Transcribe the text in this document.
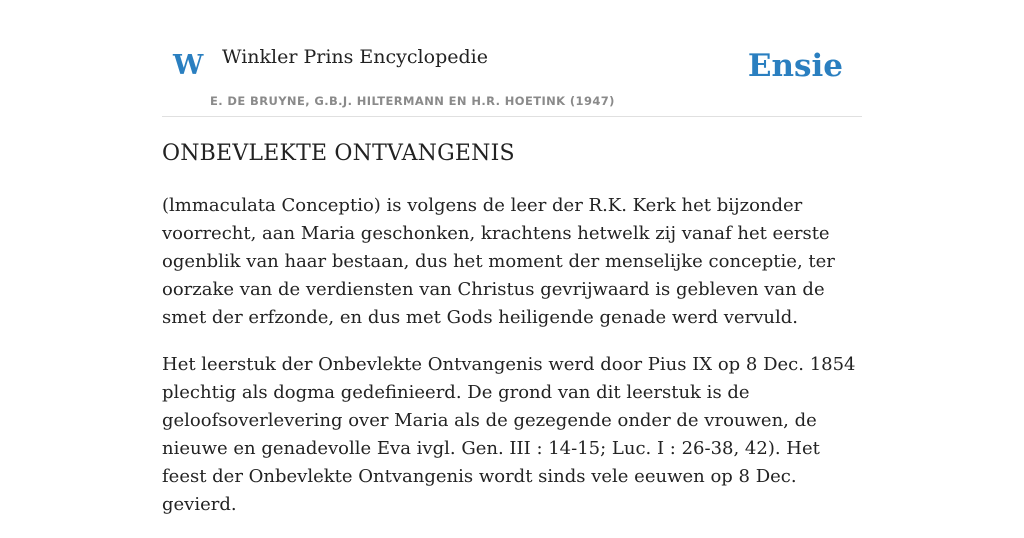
W Winkler Prins Encyclopedie
E. DE BRUYNE, G.B.J. HILTERMANN EN H.R. HOETINK (1947)
Ensie
ONBEVLEKTE ONTVANGENIS

(lmmaculata Conceptio) is volgens de leer der R.K. Kerk het bijzonder voorrecht, aan Maria geschonken, krachtens hetwelk zij vanaf het eerste ogenblik van haar bestaan, dus het moment der menselijke conceptie, ter oorzake van de verdiensten van Christus gevrijwaard is gebleven van de smet der erfzonde, en dus met Gods heiligende genade werd vervuld.

Het leerstuk der Onbevlekte Ontvangenis werd door Pius IX op 8 Dec. 1854 plechtig als dogma gedefinieerd. De grond van dit leerstuk is de geloofsoverlevering over Maria als de gezegende onder de vrouwen, de nieuwe en genadevolle Eva ivgl. Gen. III : 14-15; Luc. I : 26-38, 42). Het feest der Onbevlekte Ontvangenis wordt sinds vele eeuwen op 8 Dec. gevierd.
